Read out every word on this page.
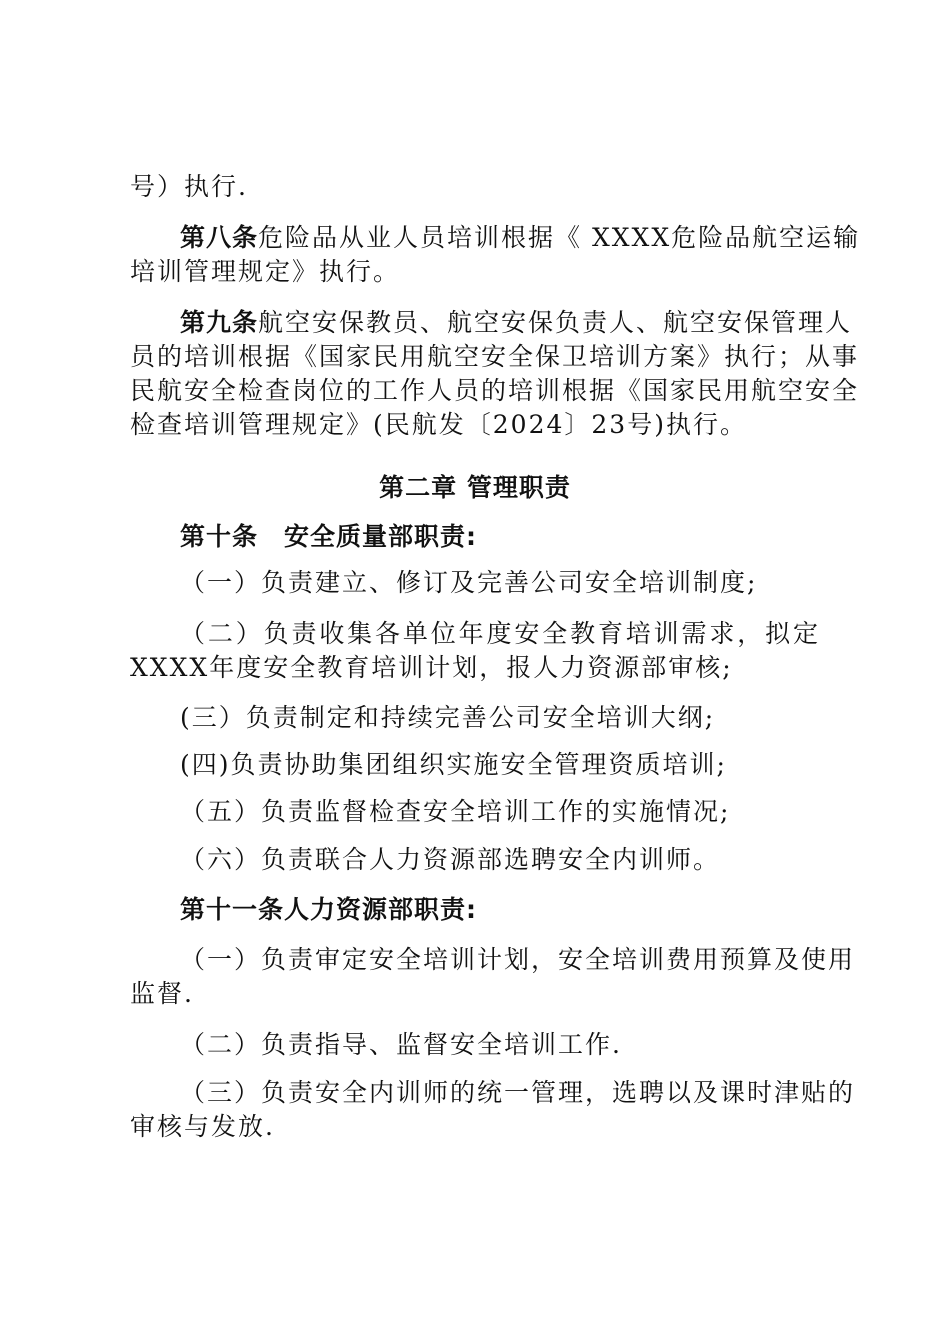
号）执行.
第八条危险品从业人员培训根据《 XXXX危险品航空运输
培训管理规定》执行。
第九条航空安保教员、航空安保负责人、航空安保管理人
员的培训根据《国家民用航空安全保卫培训方案》执行；从事
民航安全检查岗位的工作人员的培训根据《国家民用航空安全
检查培训管理规定》(民航发〔2024〕23号)执行。
第二章 管理职责
第十条 安全质量部职责:
（一）负责建立、修订及完善公司安全培训制度;
（二）负责收集各单位年度安全教育培训需求，拟定
XXXX年度安全教育培训计划，报人力资源部审核;
(三）负责制定和持续完善公司安全培训大纲;
(四)负责协助集团组织实施安全管理资质培训;
（五）负责监督检查安全培训工作的实施情况;
（六）负责联合人力资源部选聘安全内训师。
第十一条人力资源部职责:
（一）负责审定安全培训计划，安全培训费用预算及使用
监督.
（二）负责指导、监督安全培训工作.
（三）负责安全内训师的统一管理，选聘以及课时津贴的
审核与发放.
